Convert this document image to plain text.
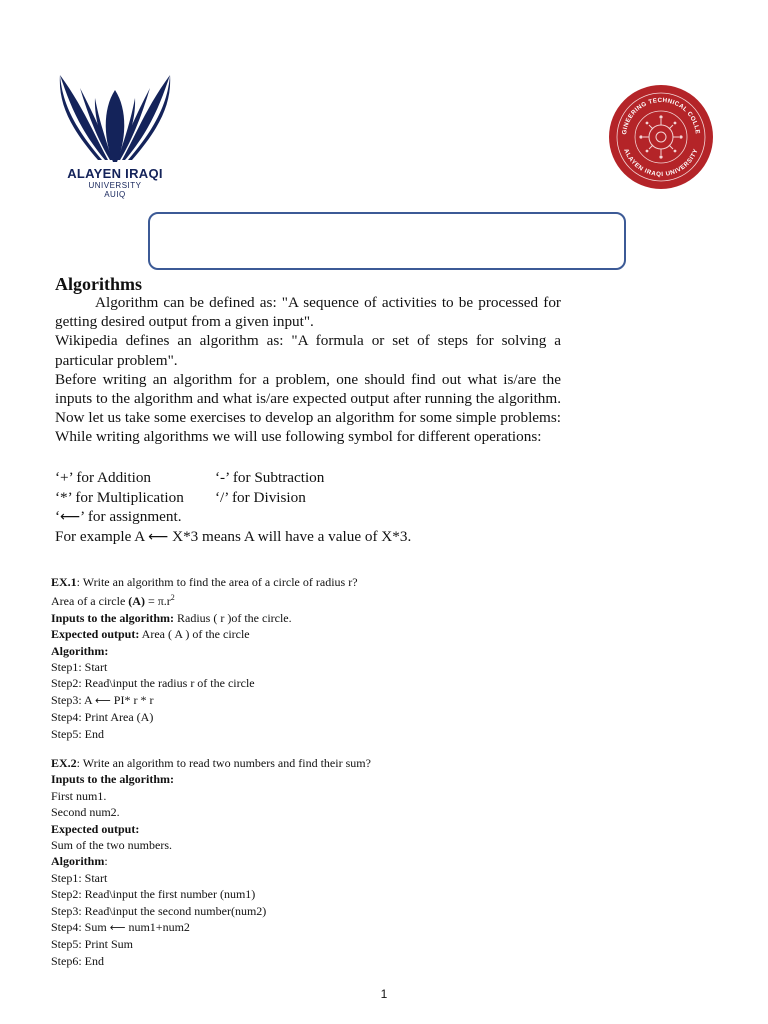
ALAYEN IRAQI
UNIVERSITY
AUIQ
GINEERING TECHNICAL COLLE
ALAYEN IRAQI UNIVERSITY
Algorithms

Algorithm can be defined as: "A sequence of activities to be processed for getting desired output from a given input".

Wikipedia defines an algorithm as: "A formula or set of steps for solving a particular problem".

Before writing an algorithm for a problem, one should find out what is/are the inputs to the algorithm and what is/are expected output after running the algorithm. Now let us take some exercises to develop an algorithm for some simple problems: While writing algorithms we will use following symbol for different operations:

‘+’ for Addition	‘-’ for Subtraction
‘*’ for Multiplication ‘/’ for Division
‘⟵’ for assignment.
For example A ⟵ X*3 means A will have a value of X*3.
EX.1: Write an algorithm to find the area of a circle of radius r?
Area of a circle $(A) = \pi.r^2$
Inputs to the algorithm: Radius ( r )of the circle.
Expected output: Area ( A ) of the circle
Algorithm:
Step1: Start
Step2: Read\input the radius r of the circle
Step3: A ⟵ PI* r * r
Step4: Print Area (A)
Step5: End
EX.2: Write an algorithm to read two numbers and find their sum?
Inputs to the algorithm:
First num1.
Second num2.
Expected output:
Sum of the two numbers.
Algorithm:
Step1: Start
Step2: Read\input the first number (num1)
Step3: Read\input the second number(num2)
Step4: Sum ⟵ num1+num2
Step5: Print Sum
Step6: End
1
